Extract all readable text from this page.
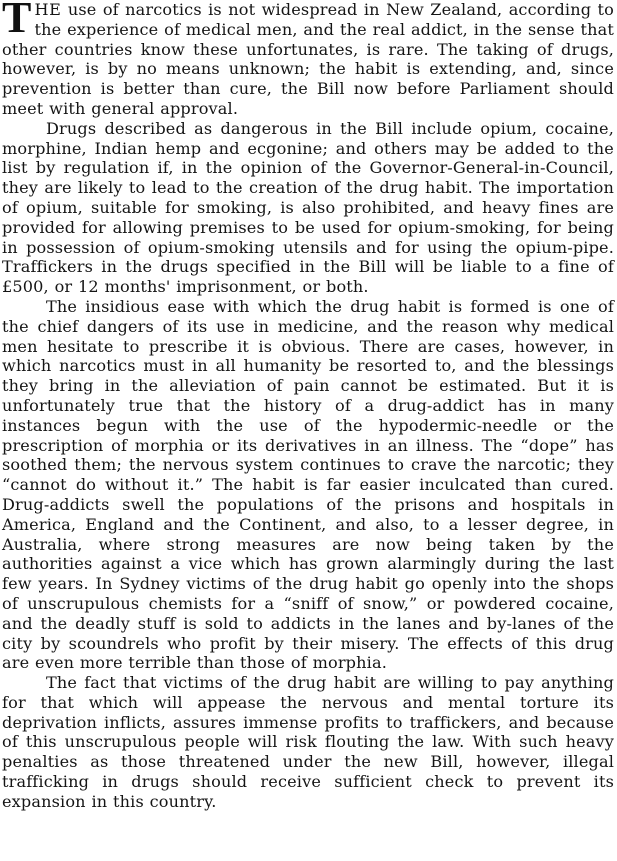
THE use of narcotics is not widespread in New Zealand, according to the experience of medical men, and the real addict, in the sense that other countries know these unfortunates, is rare. The taking of drugs, however, is by no means unknown; the habit is extending, and, since prevention is better than cure, the Bill now before Parliament should meet with general approval.

Drugs described as dangerous in the Bill include opium, cocaine, morphine, Indian hemp and ecgonine; and others may be added to the list by regulation if, in the opinion of the Governor-General-in-Council, they are likely to lead to the creation of the drug habit. The importation of opium, suitable for smoking, is also prohibited, and heavy fines are provided for allowing premises to be used for opium-smoking, for being in possession of opium-smoking utensils and for using the opium-pipe. Traffickers in the drugs specified in the Bill will be liable to a fine of £500, or 12 months' imprisonment, or both.

The insidious ease with which the drug habit is formed is one of the chief dangers of its use in medicine, and the reason why medical men hesitate to prescribe it is obvious. There are cases, however, in which narcotics must in all humanity be resorted to, and the blessings they bring in the alleviation of pain cannot be estimated. But it is unfortunately true that the history of a drug-addict has in many instances begun with the use of the hypodermic-needle or the prescription of morphia or its derivatives in an illness. The “dope” has soothed them; the nervous system continues to crave the narcotic; they “cannot do without it.” The habit is far easier inculcated than cured. Drug-addicts swell the populations of the prisons and hospitals in America, England and the Continent, and also, to a lesser degree, in Australia, where strong measures are now being taken by the authorities against a vice which has grown alarmingly during the last few years. In Sydney victims of the drug habit go openly into the shops of unscrupulous chemists for a “sniff of snow,” or powdered cocaine, and the deadly stuff is sold to addicts in the lanes and by-lanes of the city by scoundrels who profit by their misery. The effects of this drug are even more terrible than those of morphia.

The fact that victims of the drug habit are willing to pay anything for that which will appease the nervous and mental torture its deprivation inflicts, assures immense profits to traffickers, and because of this unscrupulous people will risk flouting the law. With such heavy penalties as those threatened under the new Bill, however, illegal trafficking in drugs should receive sufficient check to prevent its expansion in this country.
